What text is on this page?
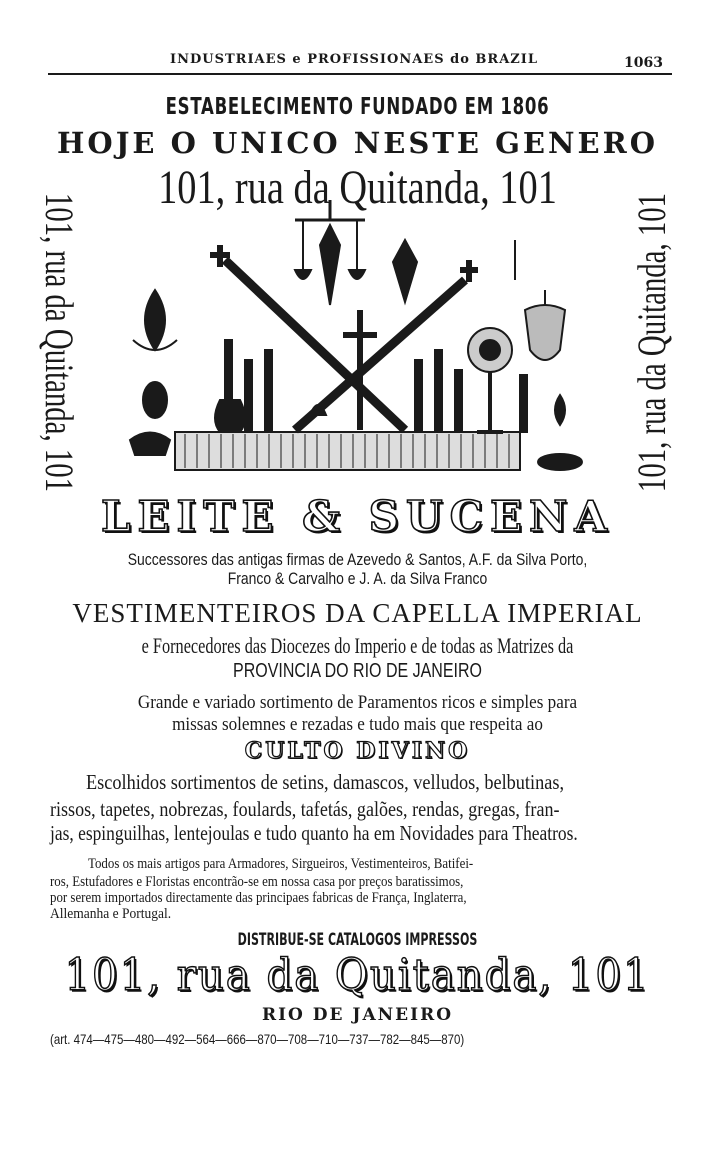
INDUSTRIAES e PROFISSIONAES do BRAZIL	1063
ESTABELECIMENTO FUNDADO EM 1806
HOJE O UNICO NESTE GENERO
101, rua da Quitanda, 101
101, rua da Quitanda, 101	101, rua da Quitanda, 101
LEITE & SUCENA
Successores das antigas firmas de Azevedo & Santos, A.F. da Silva Porto,
Franco & Carvalho e J. A. da Silva Franco
VESTIMENTEIROS DA CAPELLA IMPERIAL
e Fornecedores das Diocezes do Imperio e de todas as Matrizes da
PROVINCIA DO RIO DE JANEIRO
Grande e variado sortimento de Paramentos ricos e simples para
missas solemnes e rezadas e tudo mais que respeita ao
CULTO DIVINO
Escolhidos sortimentos de setins, damascos, velludos, belbutinas,
rissos, tapetes, nobrezas, foulards, tafetás, galões, rendas, gregas, fran-
jas, espinguilhas, lentejoulas e tudo quanto ha em Novidades para Theatros.
Todos os mais artigos para Armadores, Sirgueiros, Vestimenteiros, Batifei-
ros, Estufadores e Floristas encontrão-se em nossa casa por preços baratissimos,
por serem importados directamente das principaes fabricas de França, Inglaterra,
Allemanha e Portugal.
DISTRIBUE-SE CATALOGOS IMPRESSOS
101, rua da Quitanda, 101
RIO DE JANEIRO
(art. 474—475—480—492—564—666—870—708—710—737—782—845—870)
